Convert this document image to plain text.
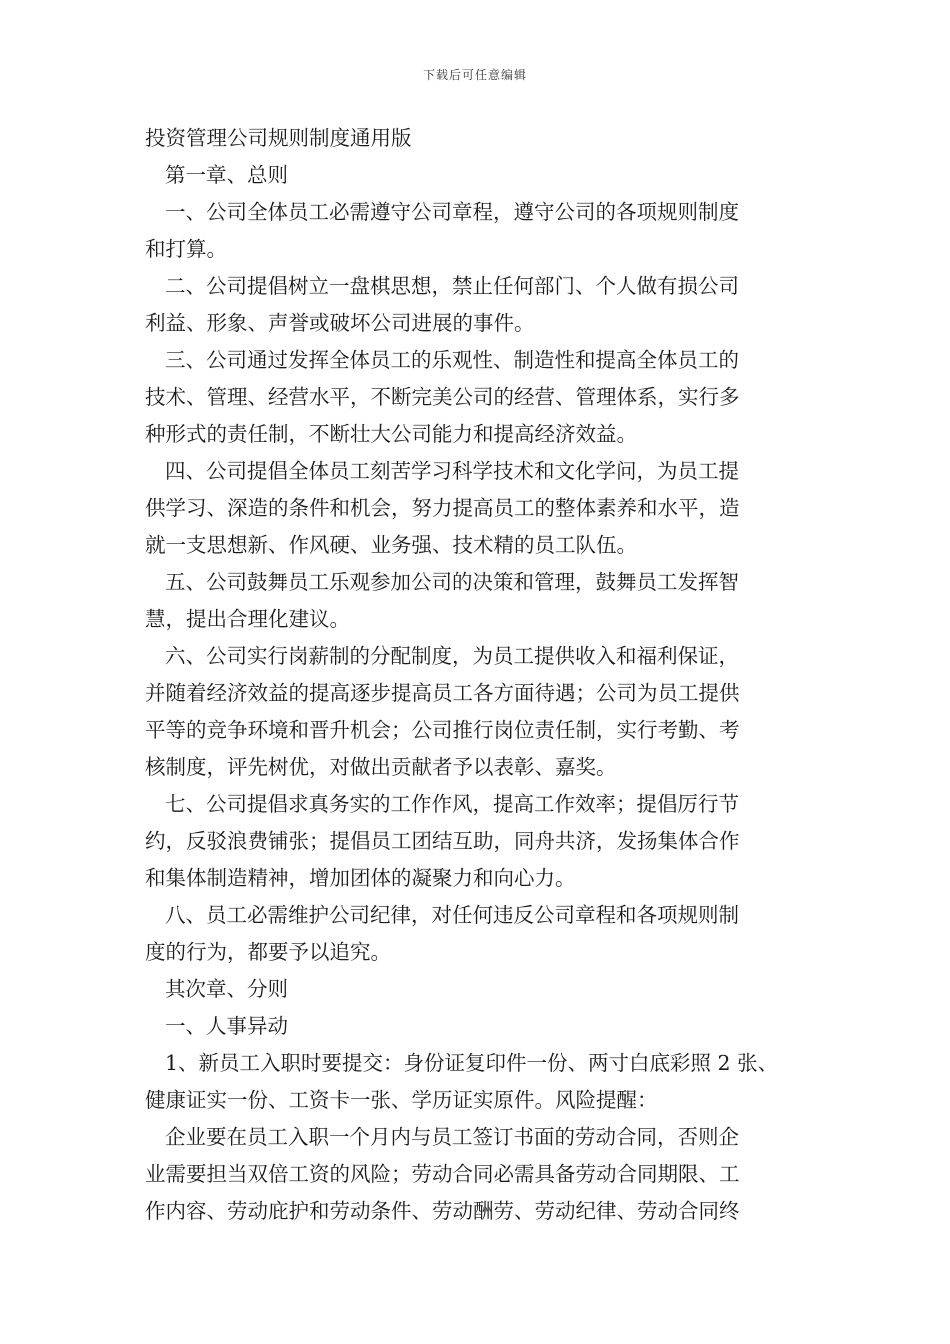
下载后可任意编辑
投资管理公司规则制度通用版
第一章、总则
一、公司全体员工必需遵守公司章程，遵守公司的各项规则制度
和打算。
二、公司提倡树立一盘棋思想，禁止任何部门、个人做有损公司
利益、形象、声誉或破坏公司进展的事件。
三、公司通过发挥全体员工的乐观性、制造性和提高全体员工的
技术、管理、经营水平，不断完美公司的经营、管理体系，实行多
种形式的责任制，不断壮大公司能力和提高经济效益。
四、公司提倡全体员工刻苦学习科学技术和文化学问，为员工提
供学习、深造的条件和机会，努力提高员工的整体素养和水平，造
就一支思想新、作风硬、业务强、技术精的员工队伍。
五、公司鼓舞员工乐观参加公司的决策和管理，鼓舞员工发挥智
慧，提出合理化建议。
六、公司实行岗薪制的分配制度，为员工提供收入和福利保证，
并随着经济效益的提高逐步提高员工各方面待遇；公司为员工提供
平等的竞争环境和晋升机会；公司推行岗位责任制，实行考勤、考
核制度，评先树优，对做出贡献者予以表彰、嘉奖。
七、公司提倡求真务实的工作作风，提高工作效率；提倡厉行节
约，反驳浪费铺张；提倡员工团结互助，同舟共济，发扬集体合作
和集体制造精神，增加团体的凝聚力和向心力。
八、员工必需维护公司纪律，对任何违反公司章程和各项规则制
度的行为，都要予以追究。
其次章、分则
一、人事异动
1、新员工入职时要提交：身份证复印件一份、两寸白底彩照 2 张、
健康证实一份、工资卡一张、学历证实原件。风险提醒：
企业要在员工入职一个月内与员工签订书面的劳动合同，否则企
业需要担当双倍工资的风险；劳动合同必需具备劳动合同期限、工
作内容、劳动庇护和劳动条件、劳动酬劳、劳动纪律、劳动合同终
